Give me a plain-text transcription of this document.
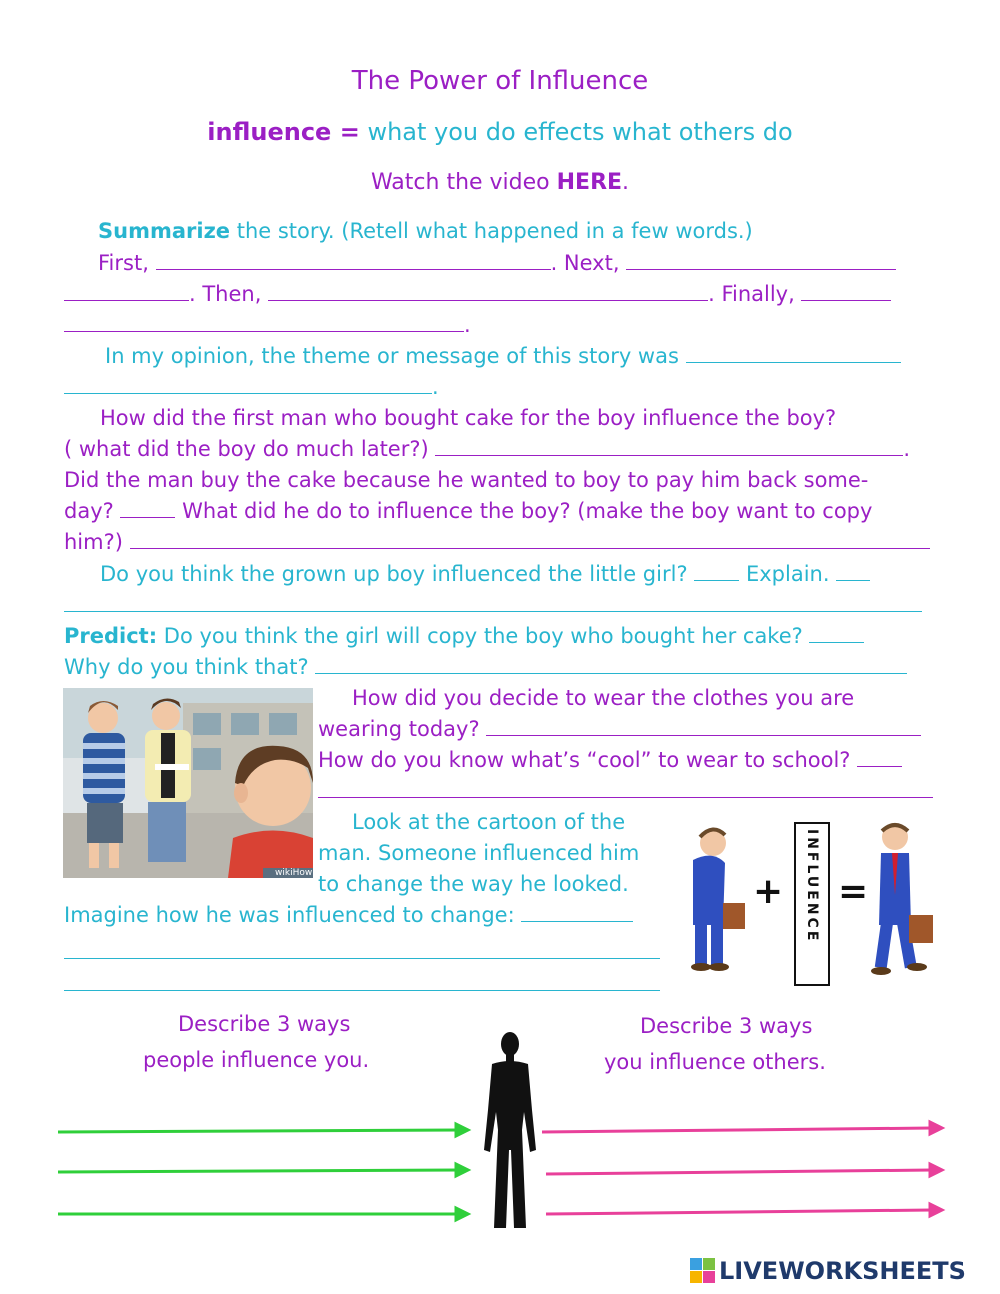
The Power of Influence
influence = what you do effects what others do
Watch the video HERE.
Summarize the story. (Retell what happened in a few words.)
First,	. Next,
. Then,	. Finally,
.
In my opinion, the theme or message of this story was
.
How did the first man who bought cake for the boy influence the boy?
( what did the boy do much later?)	.
Did the man buy the cake because he wanted to boy to pay him back some-
day?	What did he do to influence the boy? (make the boy want to copy
him?)
Do you think the grown up boy influenced the little girl?	Explain.
Predict: Do you think the girl will copy the boy who bought her cake?
Why do you think that?
wikiHow
How did you decide to wear the clothes you are
wearing today?
How do you know what’s “cool” to wear to school?
Look at the cartoon of the
man. Someone influenced him
to change the way he looked.
Imagine how he was influenced to change:
+ INFLUENCE =
Describe 3 ways
people influence you.
Describe 3 ways
you influence others.
LIVEWORKSHEETS
